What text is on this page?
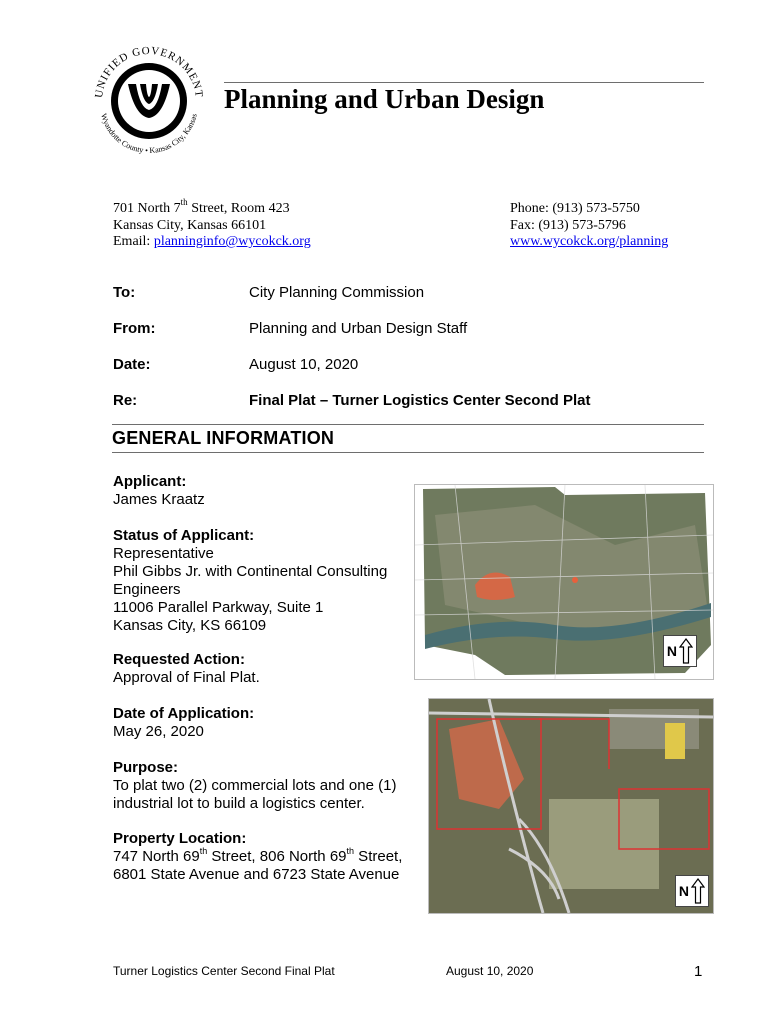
UNIFIED GOVERNMENT
Wyandotte County • Kansas City, Kansas
Planning and Urban Design
701 North 7th Street, Room 423
Kansas City, Kansas 66101
Email: planninginfo@wycokck.org
Phone: (913) 573-5750
Fax: (913) 573-5796
www.wycokck.org/planning
To:	City Planning Commission
From:	Planning and Urban Design Staff
Date:	August 10, 2020
Re:	Final Plat – Turner Logistics Center Second Plat
GENERAL INFORMATION
Applicant:
James Kraatz
Status of Applicant:
Representative
Phil Gibbs Jr. with Continental Consulting
Engineers
11006 Parallel Parkway, Suite 1
Kansas City, KS 66109
Requested Action:
Approval of Final Plat.
Date of Application:
May 26, 2020
Purpose:
To plat two (2) commercial lots and one (1)
industrial lot to build a logistics center.
Property Location:
747 North 69th Street, 806 North 69th Street,
6801 State Avenue and 6723 State Avenue
N
N
Turner Logistics Center Second Final Plat	August 10, 2020	1
